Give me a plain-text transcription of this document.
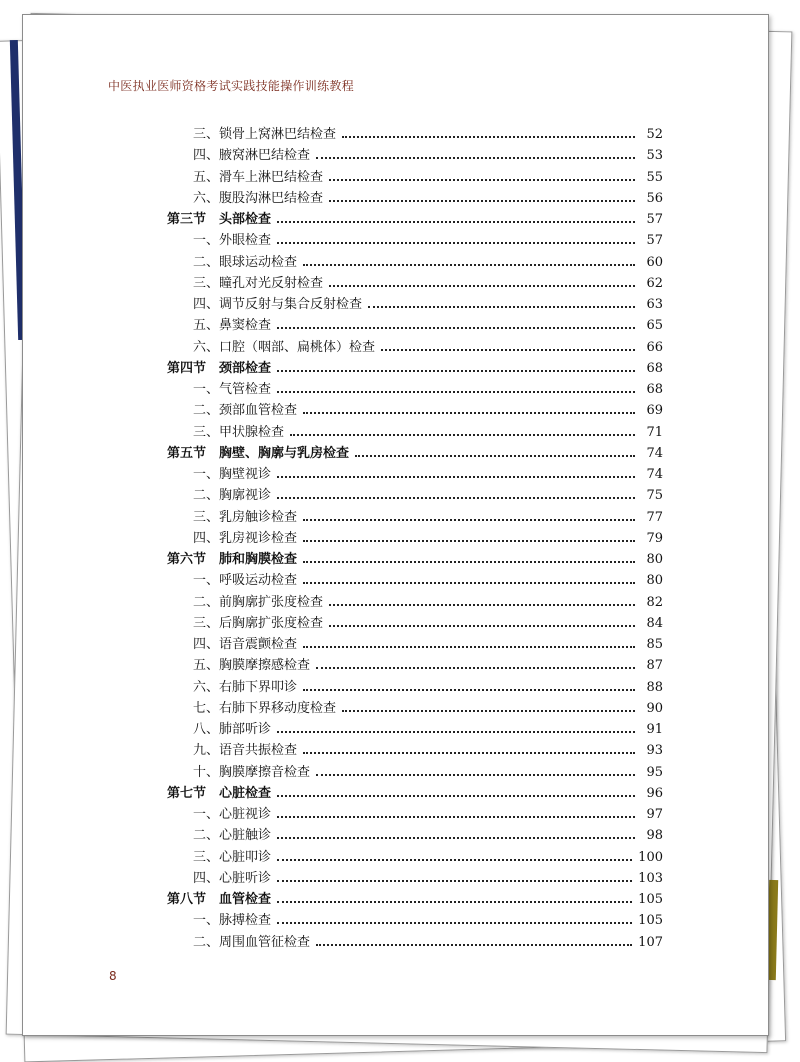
中医执业医师资格考试实践技能操作训练教程
三、锁骨上窝淋巴结检查	52
四、腋窝淋巴结检查	53
五、滑车上淋巴结检查	55
六、腹股沟淋巴结检查	56
第三节　头部检查	57
一、外眼检查	57
二、眼球运动检查	60
三、瞳孔对光反射检查	62
四、调节反射与集合反射检查	63
五、鼻窦检查	65
六、口腔（咽部、扁桃体）检查	66
第四节　颈部检查	68
一、气管检查	68
二、颈部血管检查	69
三、甲状腺检查	71
第五节　胸壁、胸廓与乳房检查	74
一、胸壁视诊	74
二、胸廓视诊	75
三、乳房触诊检查	77
四、乳房视诊检查	79
第六节　肺和胸膜检查	80
一、呼吸运动检查	80
二、前胸廓扩张度检查	82
三、后胸廓扩张度检查	84
四、语音震颤检查	85
五、胸膜摩擦感检查	87
六、右肺下界叩诊	88
七、右肺下界移动度检查	90
八、肺部听诊	91
九、语音共振检查	93
十、胸膜摩擦音检查	95
第七节　心脏检查	96
一、心脏视诊	97
二、心脏触诊	98
三、心脏叩诊	100
四、心脏听诊	103
第八节　血管检查	105
一、脉搏检查	105
二、周围血管征检查	107
8
